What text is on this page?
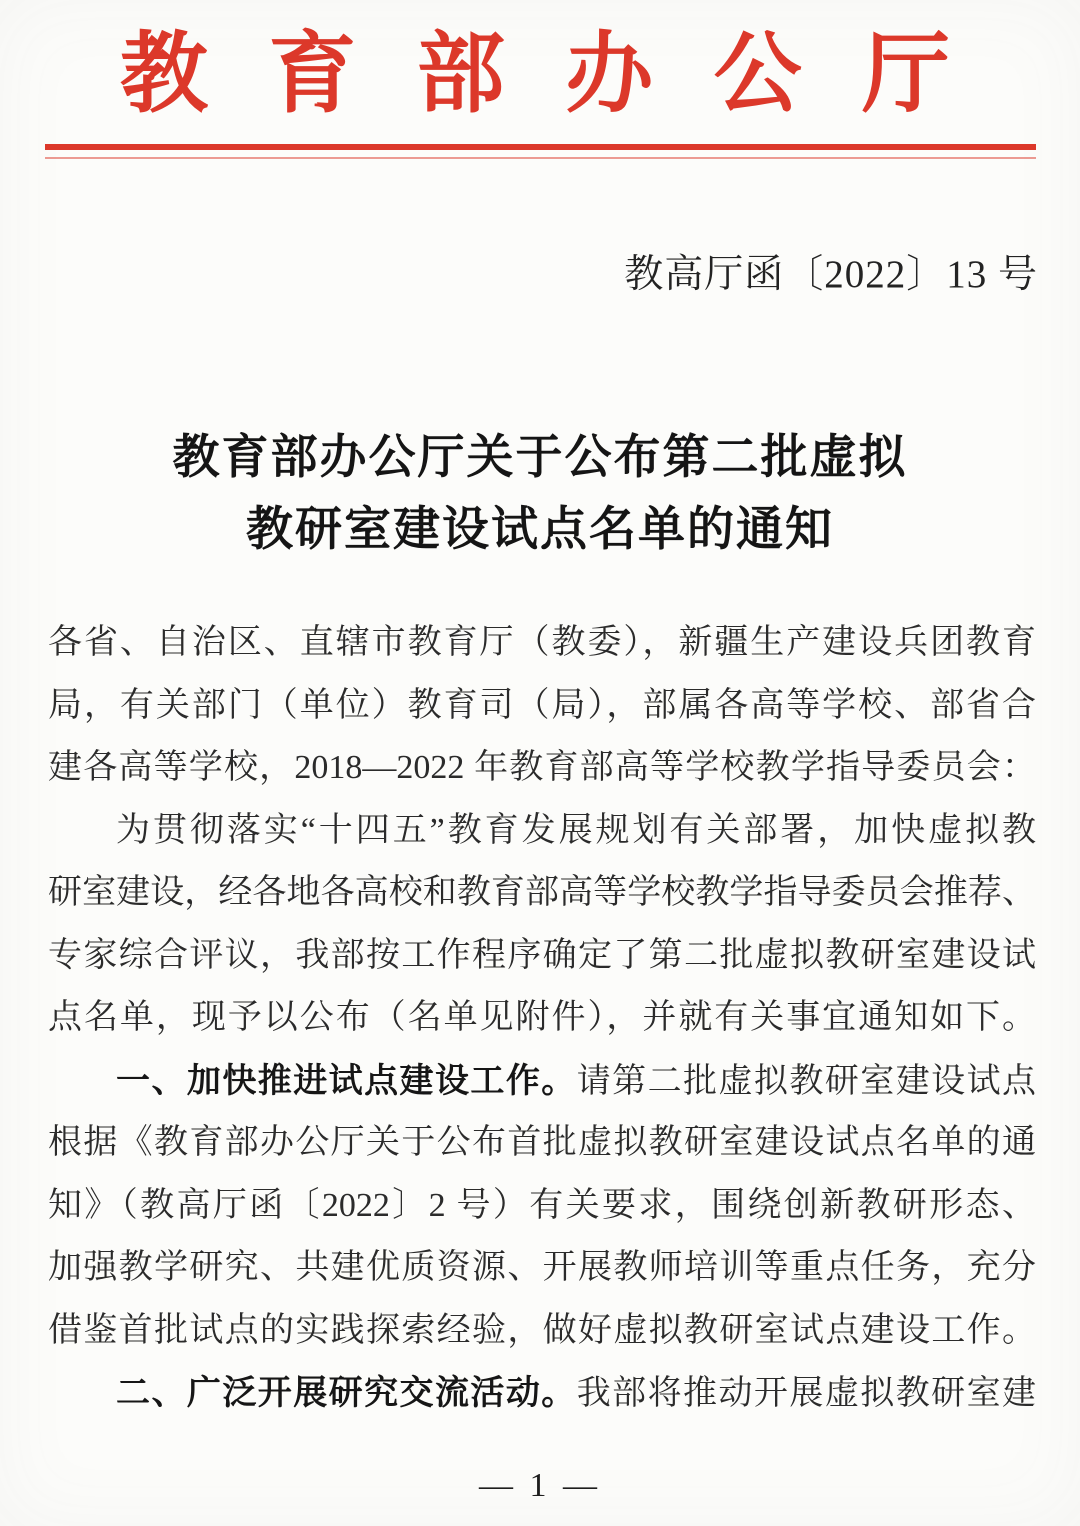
教育部办公厅
教高厅函〔2022〕13 号
教育部办公厅关于公布第二批虚拟
教研室建设试点名单的通知
各省、自治区、直辖市教育厅（教委），新疆生产建设兵团教育
局，有关部门（单位）教育司（局），部属各高等学校、部省合
建各高等学校，2018—2022 年教育部高等学校教学指导委员会：
为贯彻落实“十四五”教育发展规划有关部署，加快虚拟教
研室建设，经各地各高校和教育部高等学校教学指导委员会推荐、
专家综合评议，我部按工作程序确定了第二批虚拟教研室建设试
点名单，现予以公布（名单见附件），并就有关事宜通知如下。
一、加快推进试点建设工作。请第二批虚拟教研室建设试点
根据《教育部办公厅关于公布首批虚拟教研室建设试点名单的通
知》（教高厅函〔2022〕2 号）有关要求，围绕创新教研形态、
加强教学研究、共建优质资源、开展教师培训等重点任务，充分
借鉴首批试点的实践探索经验，做好虚拟教研室试点建设工作。
二、广泛开展研究交流活动。我部将推动开展虚拟教研室建
— 1 —
